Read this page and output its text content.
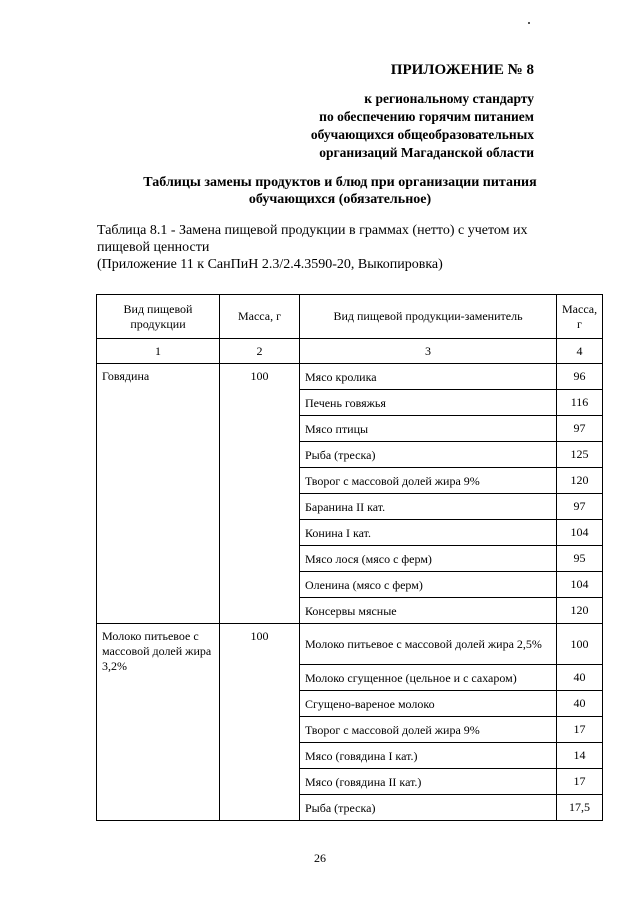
ПРИЛОЖЕНИЕ № 8
к региональному стандарту
по обеспечению горячим питанием
обучающихся общеобразовательных
организаций Магаданской области
Таблицы замены продуктов и блюд при организации питания
обучающихся (обязательное)
Таблица 8.1 - Замена пищевой продукции в граммах (нетто) с учетом их
пищевой ценности
(Приложение 11 к СанПиН 2.3/2.4.3590-20, Выкопировка)
Вид пищевой продукции	Масса, г	Вид пищевой продукции-заменитель	Масса, г
1	2	3	4
Говядина	100	Мясо кролика	96
		Печень говяжья	116
		Мясо птицы	97
		Рыба (треска)	125
		Творог с массовой долей жира 9%	120
		Баранина II кат.	97
		Конина I кат.	104
		Мясо лося (мясо с ферм)	95
		Оленина (мясо с ферм)	104
		Консервы мясные	120
Молоко питьевое с массовой долей жира 3,2%	100	Молоко питьевое с массовой долей жира 2,5%	100
		Молоко сгущенное (цельное и с сахаром)	40
		Сгущено-вареное молоко	40
		Творог с массовой долей жира 9%	17
		Мясо (говядина I кат.)	14
		Мясо (говядина II кат.)	17
		Рыба (треска)	17,5
26
